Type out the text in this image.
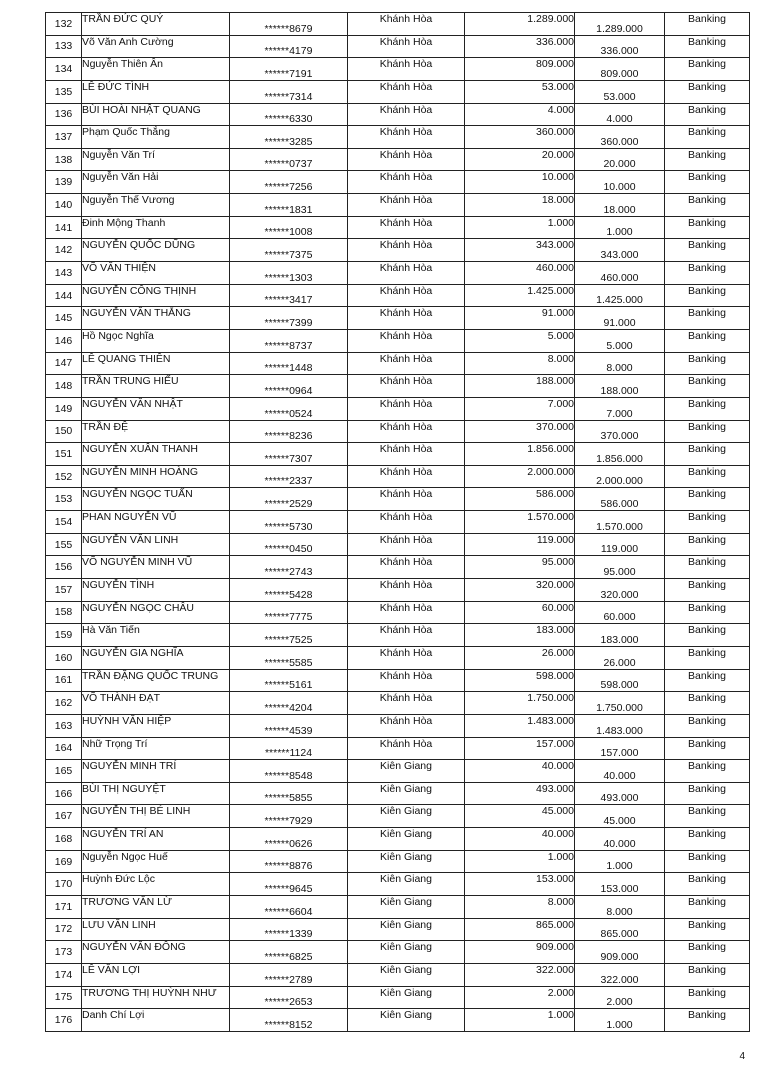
132	TRẦN ĐỨC QUÝ	******8679	Khánh Hòa	1.289.000	1.289.000	Banking
133	Võ Văn Anh Cường	******4179	Khánh Hòa	336.000	336.000	Banking
134	Nguyễn Thiên Ân	******7191	Khánh Hòa	809.000	809.000	Banking
135	LÊ ĐỨC TÌNH	******7314	Khánh Hòa	53.000	53.000	Banking
136	BÙI HOÀI NHẬT QUANG	******6330	Khánh Hòa	4.000	4.000	Banking
137	Phạm Quốc Thắng	******3285	Khánh Hòa	360.000	360.000	Banking
138	Nguyễn Văn Trí	******0737	Khánh Hòa	20.000	20.000	Banking
139	Nguyễn Văn Hải	******7256	Khánh Hòa	10.000	10.000	Banking
140	Nguyễn Thế Vương	******1831	Khánh Hòa	18.000	18.000	Banking
141	Đinh Mộng Thanh	******1008	Khánh Hòa	1.000	1.000	Banking
142	NGUYỄN QUỐC DŨNG	******7375	Khánh Hòa	343.000	343.000	Banking
143	VÕ VĂN THIỆN	******1303	Khánh Hòa	460.000	460.000	Banking
144	NGUYỄN CÔNG THỊNH	******3417	Khánh Hòa	1.425.000	1.425.000	Banking
145	NGUYỄN VĂN THẮNG	******7399	Khánh Hòa	91.000	91.000	Banking
146	Hồ Ngọc Nghĩa	******8737	Khánh Hòa	5.000	5.000	Banking
147	LÊ QUANG THIÊN	******1448	Khánh Hòa	8.000	8.000	Banking
148	TRẦN TRUNG HIẾU	******0964	Khánh Hòa	188.000	188.000	Banking
149	NGUYỄN VĂN NHẬT	******0524	Khánh Hòa	7.000	7.000	Banking
150	TRẦN ĐỆ	******8236	Khánh Hòa	370.000	370.000	Banking
151	NGUYỄN XUÂN THANH	******7307	Khánh Hòa	1.856.000	1.856.000	Banking
152	NGUYỄN MINH HOÀNG	******2337	Khánh Hòa	2.000.000	2.000.000	Banking
153	NGUYỄN NGỌC TUẤN	******2529	Khánh Hòa	586.000	586.000	Banking
154	PHAN NGUYỄN VŨ	******5730	Khánh Hòa	1.570.000	1.570.000	Banking
155	NGUYỄN VĂN LINH	******0450	Khánh Hòa	119.000	119.000	Banking
156	VÕ NGUYỄN MINH VŨ	******2743	Khánh Hòa	95.000	95.000	Banking
157	NGUYỄN TÌNH	******5428	Khánh Hòa	320.000	320.000	Banking
158	NGUYỄN NGỌC CHÂU	******7775	Khánh Hòa	60.000	60.000	Banking
159	Hà Văn Tiến	******7525	Khánh Hòa	183.000	183.000	Banking
160	NGUYỄN GIA NGHĨA	******5585	Khánh Hòa	26.000	26.000	Banking
161	TRẦN ĐẶNG QUỐC TRUNG	******5161	Khánh Hòa	598.000	598.000	Banking
162	VÕ THÀNH ĐẠT	******4204	Khánh Hòa	1.750.000	1.750.000	Banking
163	HUỲNH VĂN HIỆP	******4539	Khánh Hòa	1.483.000	1.483.000	Banking
164	Nhữ Trọng Trí	******1124	Khánh Hòa	157.000	157.000	Banking
165	NGUYỄN MINH TRÍ	******8548	Kiên Giang	40.000	40.000	Banking
166	BÙI THỊ NGUYỆT	******5855	Kiên Giang	493.000	493.000	Banking
167	NGUYỄN THỊ BÉ LINH	******7929	Kiên Giang	45.000	45.000	Banking
168	NGUYỄN TRÍ AN	******0626	Kiên Giang	40.000	40.000	Banking
169	Nguyễn Ngọc Huế	******8876	Kiên Giang	1.000	1.000	Banking
170	Huỳnh Đức Lộc	******9645	Kiên Giang	153.000	153.000	Banking
171	TRƯƠNG VĂN LỪ	******6604	Kiên Giang	8.000	8.000	Banking
172	LƯU VĂN LINH	******1339	Kiên Giang	865.000	865.000	Banking
173	NGUYỄN VĂN ĐÔNG	******6825	Kiên Giang	909.000	909.000	Banking
174	LÊ VĂN LỢI	******2789	Kiên Giang	322.000	322.000	Banking
175	TRƯƠNG THỊ HUỲNH NHƯ	******2653	Kiên Giang	2.000	2.000	Banking
176	Danh Chí Lợi	******8152	Kiên Giang	1.000	1.000	Banking
4
